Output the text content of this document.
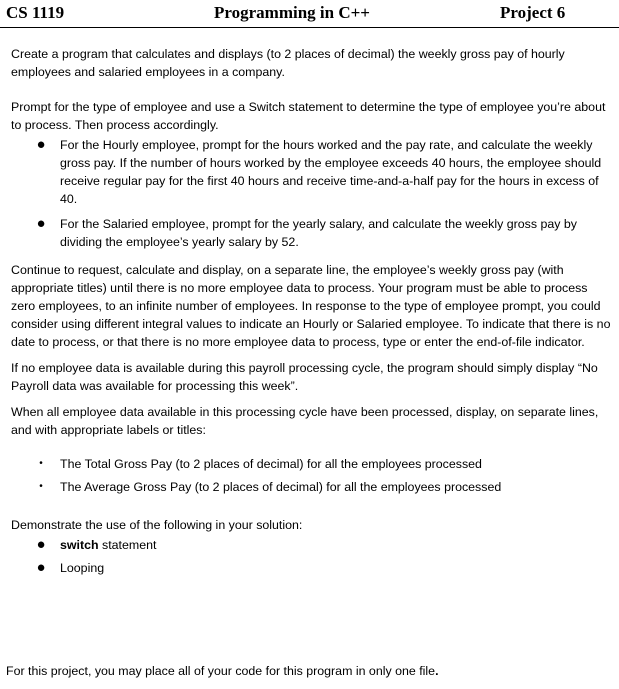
CS 1119	Programming in C++	Project 6

Create a program that calculates and displays (to 2 places of decimal) the weekly gross pay of hourly employees and salaried employees in a company.

Prompt for the type of employee and use a Switch statement to determine the type of employee you’re about to process. Then process accordingly.

● For the Hourly employee, prompt for the hours worked and the pay rate, and calculate the weekly gross pay. If the number of hours worked by the employee exceeds 40 hours, the employee should receive regular pay for the first 40 hours and receive time-and-a-half pay for the hours in excess of 40.
● For the Salaried employee, prompt for the yearly salary, and calculate the weekly gross pay by dividing the employee’s yearly salary by 52.

Continue to request, calculate and display, on a separate line, the employee’s weekly gross pay (with appropriate titles) until there is no more employee data to process. Your program must be able to process zero employees, to an infinite number of employees. In response to the type of employee prompt, you could consider using different integral values to indicate an Hourly or Salaried employee. To indicate that there is no date to process, or that there is no more employee data to process, type or enter the end-of-file indicator.

If no employee data is available during this payroll processing cycle, the program should simply display “No Payroll data was available for processing this week”.

When all employee data available in this processing cycle have been processed, display, on separate lines, and with appropriate labels or titles:

•	The Total Gross Pay (to 2 places of decimal) for all the employees processed
•	The Average Gross Pay (to 2 places of decimal) for all the employees processed

Demonstrate the use of the following in your solution:

● switch statement
● Looping

For this project, you may place all of your code for this program in only one file.
